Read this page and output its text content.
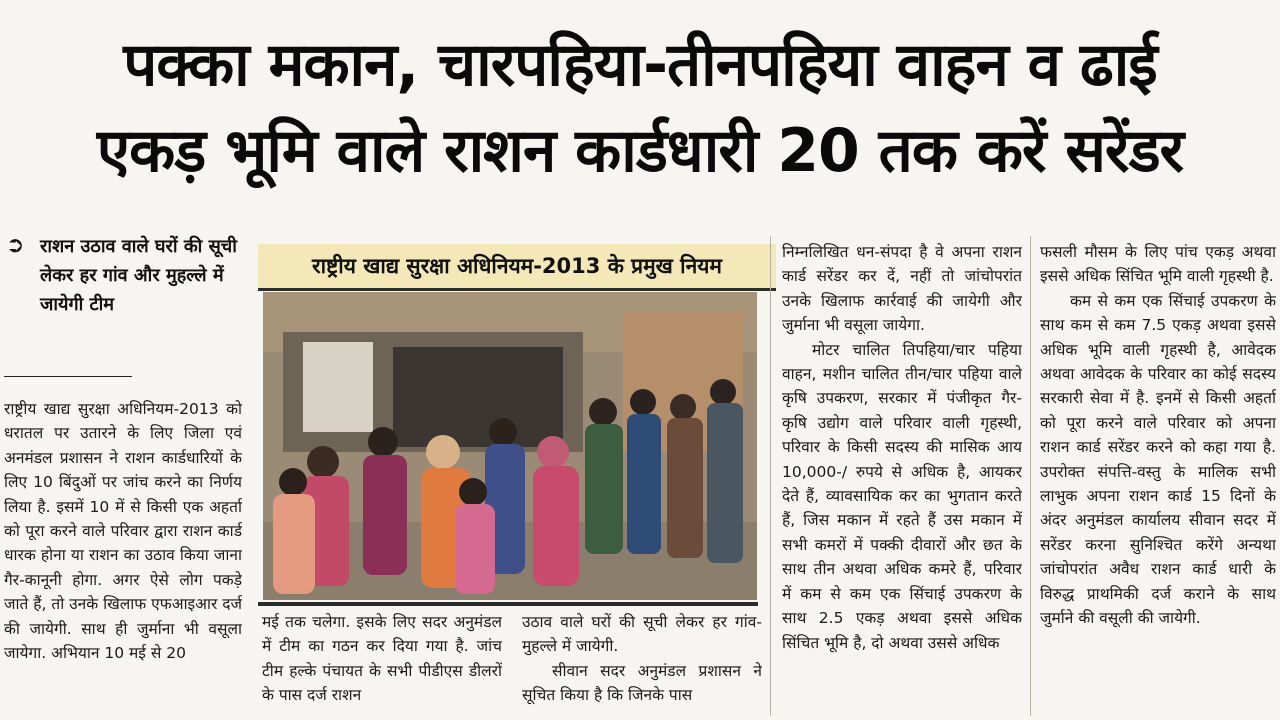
पक्का मकान, चारपहिया-तीनपहिया वाहन व ढाई
एकड़ भूमि वाले राशन कार्डधारी 20 तक करें सरेंडर
➲ राशन उठाव वाले घरों की सूची लेकर हर गांव और मुहल्ले में जायेगी टीम

राष्ट्रीय खाद्य सुरक्षा अधिनियम-2013 को धरातल पर उतारने के लिए जिला एवं अनमंडल प्रशासन ने राशन कार्डधारियों के लिए 10 बिंदुओं पर जांच करने का निर्णय लिया है. इसमें 10 में से किसी एक अहर्ता को पूरा करने वाले परिवार द्वारा राशन कार्ड धारक होना या राशन का उठाव किया जाना गैर-कानूनी होगा. अगर ऐसे लोग पकड़े जाते हैं, तो उनके खिलाफ एफआइआर दर्ज की जायेगी. साथ ही जुर्माना भी वसूला जायेगा. अभियान 10 मई से 20

राष्ट्रीय खाद्य सुरक्षा अधिनियम-2013 के प्रमुख नियम

मई तक चलेगा. इसके लिए सदर अनुमंडल में टीम का गठन कर दिया गया है. जांच टीम हल्के पंचायत के सभी पीडीएस डीलरों के पास दर्ज राशन

उठाव वाले घरों की सूची लेकर हर गांव-मुहल्ले में जायेगी.

सीवान सदर अनुमंडल प्रशासन ने सूचित किया है कि जिनके पास

निम्नलिखित धन-संपदा है वे अपना राशन कार्ड सरेंडर कर दें, नहीं तो जांचोपरांत उनके खिलाफ कार्रवाई की जायेगी और जुर्माना भी वसूला जायेगा.

मोटर चालित तिपहिया/चार पहिया वाहन, मशीन चालित तीन/चार पहिया वाले कृषि उपकरण, सरकार में पंजीकृत गैर-कृषि उद्योग वाले परिवार वाली गृहस्थी, परिवार के किसी सदस्य की मासिक आय 10,000-/ रुपये से अधिक है, आयकर देते हैं, व्यावसायिक कर का भुगतान करते हैं, जिस मकान में रहते हैं उस मकान में सभी कमरों में पक्की दीवारों और छत के साथ तीन अथवा अधिक कमरे हैं, परिवार में कम से कम एक सिंचाई उपकरण के साथ 2.5 एकड़ अथवा इससे अधिक सिंचित भूमि है, दो अथवा उससे अधिक

फसली मौसम के लिए पांच एकड़ अथवा इससे अधिक सिंचित भूमि वाली गृहस्थी है.

कम से कम एक सिंचाई उपकरण के साथ कम से कम 7.5 एकड़ अथवा इससे अधिक भूमि वाली गृहस्थी है, आवेदक अथवा आवेदक के परिवार का कोई सदस्य सरकारी सेवा में है. इनमें से किसी अहर्ता को पूरा करने वाले परिवार को अपना राशन कार्ड सरेंडर करने को कहा गया है. उपरोक्त संपत्ति-वस्तु के मालिक सभी लाभुक अपना राशन कार्ड 15 दिनों के अंदर अनुमंडल कार्यालय सीवान सदर में सरेंडर करना सुनिश्चित करेंगे अन्यथा जांचोपरांत अवैध राशन कार्ड धारी के विरुद्ध प्राथमिकी दर्ज कराने के साथ जुर्माने की वसूली की जायेगी.
